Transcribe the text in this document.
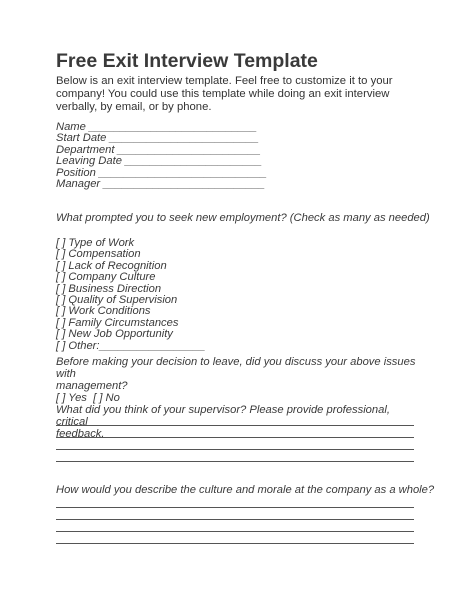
Free Exit Interview Template
Below is an exit interview template. Feel free to customize it to your company! You could use this template while doing an exit interview verbally, by email, or by phone.
Name ___________________________
Start Date ________________________
Department _______________________
Leaving Date ______________________
Position ___________________________
Manager __________________________
What prompted you to seek new employment? (Check as many as needed)
[ ] Type of Work
[ ] Compensation
[ ] Lack of Recognition
[ ] Company Culture
[ ] Business Direction
[ ] Quality of Supervision
[ ] Work Conditions
[ ] Family Circumstances
[ ] New Job Opportunity
[ ] Other:_________________
Before making your decision to leave, did you discuss your above issues with
management?
[ ] Yes  [ ] No
What did you think of your supervisor? Please provide professional, critical
feedback.
How would you describe the culture and morale at the company as a whole?
